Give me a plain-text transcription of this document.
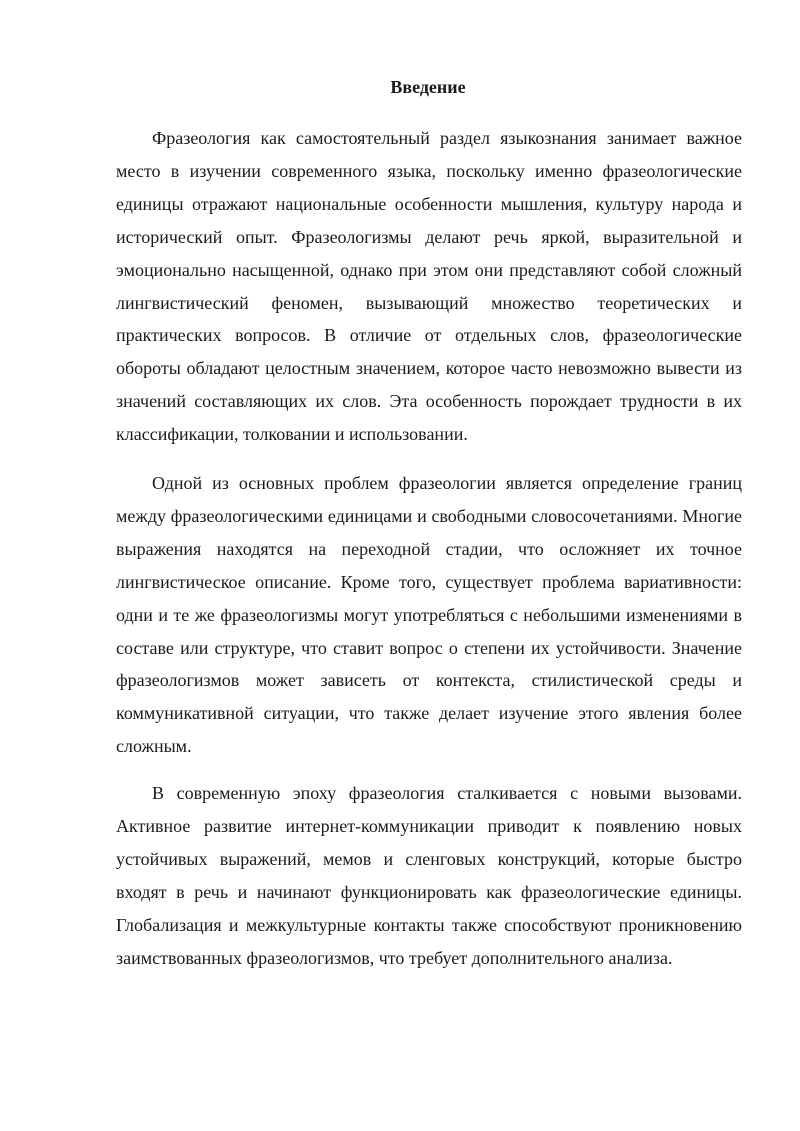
Введение

Фразеология как самостоятельный раздел языкознания занимает важное место в изучении современного языка, поскольку именно фразеологические единицы отражают национальные особенности мышления, культуру народа и исторический опыт. Фразеологизмы делают речь яркой, выразительной и эмоционально насыщенной, однако при этом они представляют собой сложный лингвистический феномен, вызывающий множество теоретических и практических вопросов. В отличие от отдельных слов, фразеологические обороты обладают целостным значением, которое часто невозможно вывести из значений составляющих их слов. Эта особенность порождает трудности в их классификации, толковании и использовании.

Одной из основных проблем фразеологии является определение границ между фразеологическими единицами и свободными словосочетаниями. Многие выражения находятся на переходной стадии, что осложняет их точное лингвистическое описание. Кроме того, существует проблема вариативности: одни и те же фразеологизмы могут употребляться с небольшими изменениями в составе или структуре, что ставит вопрос о степени их устойчивости. Значение фразеологизмов может зависеть от контекста, стилистической среды и коммуникативной ситуации, что также делает изучение этого явления более сложным.

В современную эпоху фразеология сталкивается с новыми вызовами. Активное развитие интернет-коммуникации приводит к появлению новых устойчивых выражений, мемов и сленговых конструкций, которые быстро входят в речь и начинают функционировать как фразеологические единицы. Глобализация и межкультурные контакты также способствуют проникновению заимствованных фразеологизмов, что требует дополнительного анализа.
